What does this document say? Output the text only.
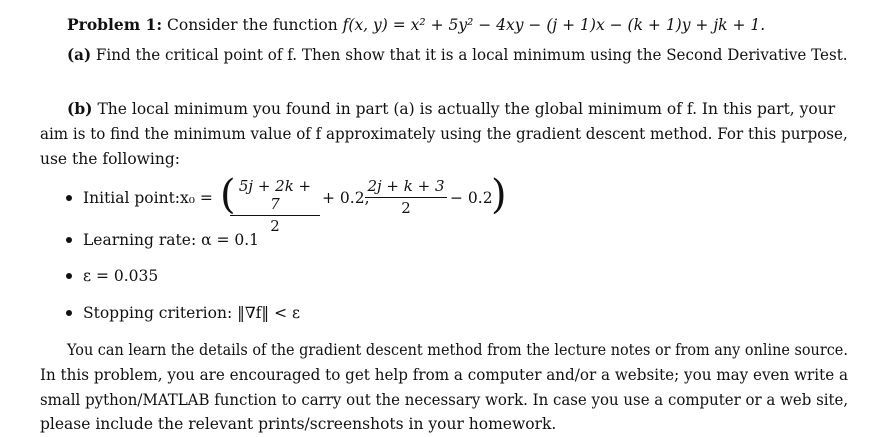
Problem 1: Consider the function f(x, y) = x² + 5y² − 4xy − (j + 1)x − (k + 1)y + jk + 1.
(a) Find the critical point of f. Then show that it is a local minimum using the Second Derivative Test.
(b) The local minimum you found in part (a) is actually the global minimum of f. In this part, your
aim is to find the minimum value of f approximately using the gradient descent method. For this purpose,
use the following:
Initial point: x₀ = (
$\frac{5j + 2k + 7}{2} + 0.2$,
$\frac{2j + k + 3}{2} - 0.2$
)
Learning rate: α = 0.1
ε = 0.035
Stopping criterion: ‖∇f‖ < ε
You can learn the details of the gradient descent method from the lecture notes or from any online source.
In this problem, you are encouraged to get help from a computer and/or a website; you may even write a
small python/MATLAB function to carry out the necessary work. In case you use a computer or a web site,
please include the relevant prints/screenshots in your homework.
